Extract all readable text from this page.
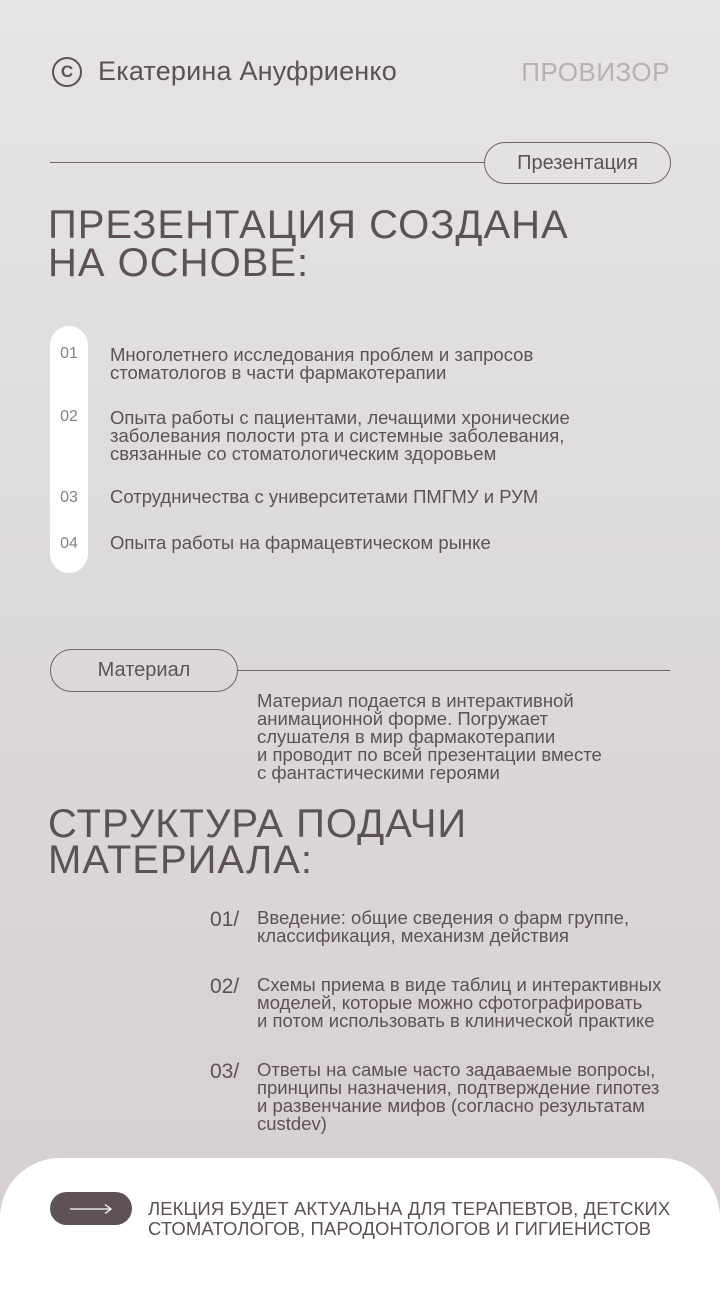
C Екатерина Ануфриенко	ПРОВИЗОР
Презентация
ПРЕЗЕНТАЦИЯ СОЗДАНА
НА ОСНОВЕ:
01	Многолетнего исследования проблем и запросов
стоматологов в части фармакотерапии
02	Опыта работы с пациентами, лечащими хронические
заболевания полости рта и системные заболевания,
связанные со стоматологическим здоровьем
03	Сотрудничества с университетами ПМГМУ и РУМ
04	Опыта работы на фармацевтическом рынке
Материал
Материал подается в интерактивной
анимационной форме. Погружает
слушателя в мир фармакотерапии
и проводит по всей презентации вместе
с фантастическими героями
СТРУКТУРА ПОДАЧИ
МАТЕРИАЛА:
01/ Введение: общие сведения о фарм группе,
классификация, механизм действия
02/ Схемы приема в виде таблиц и интерактивных
моделей, которые можно сфотографировать
и потом использовать в клинической практике
03/ Ответы на самые часто задаваемые вопросы,
принципы назначения, подтверждение гипотез
и развенчание мифов (согласно результатам
custdev)
ЛЕКЦИЯ БУДЕТ АКТУАЛЬНА ДЛЯ ТЕРАПЕВТОВ, ДЕТСКИХ
СТОМАТОЛОГОВ, ПАРОДОНТОЛОГОВ И ГИГИЕНИСТОВ
